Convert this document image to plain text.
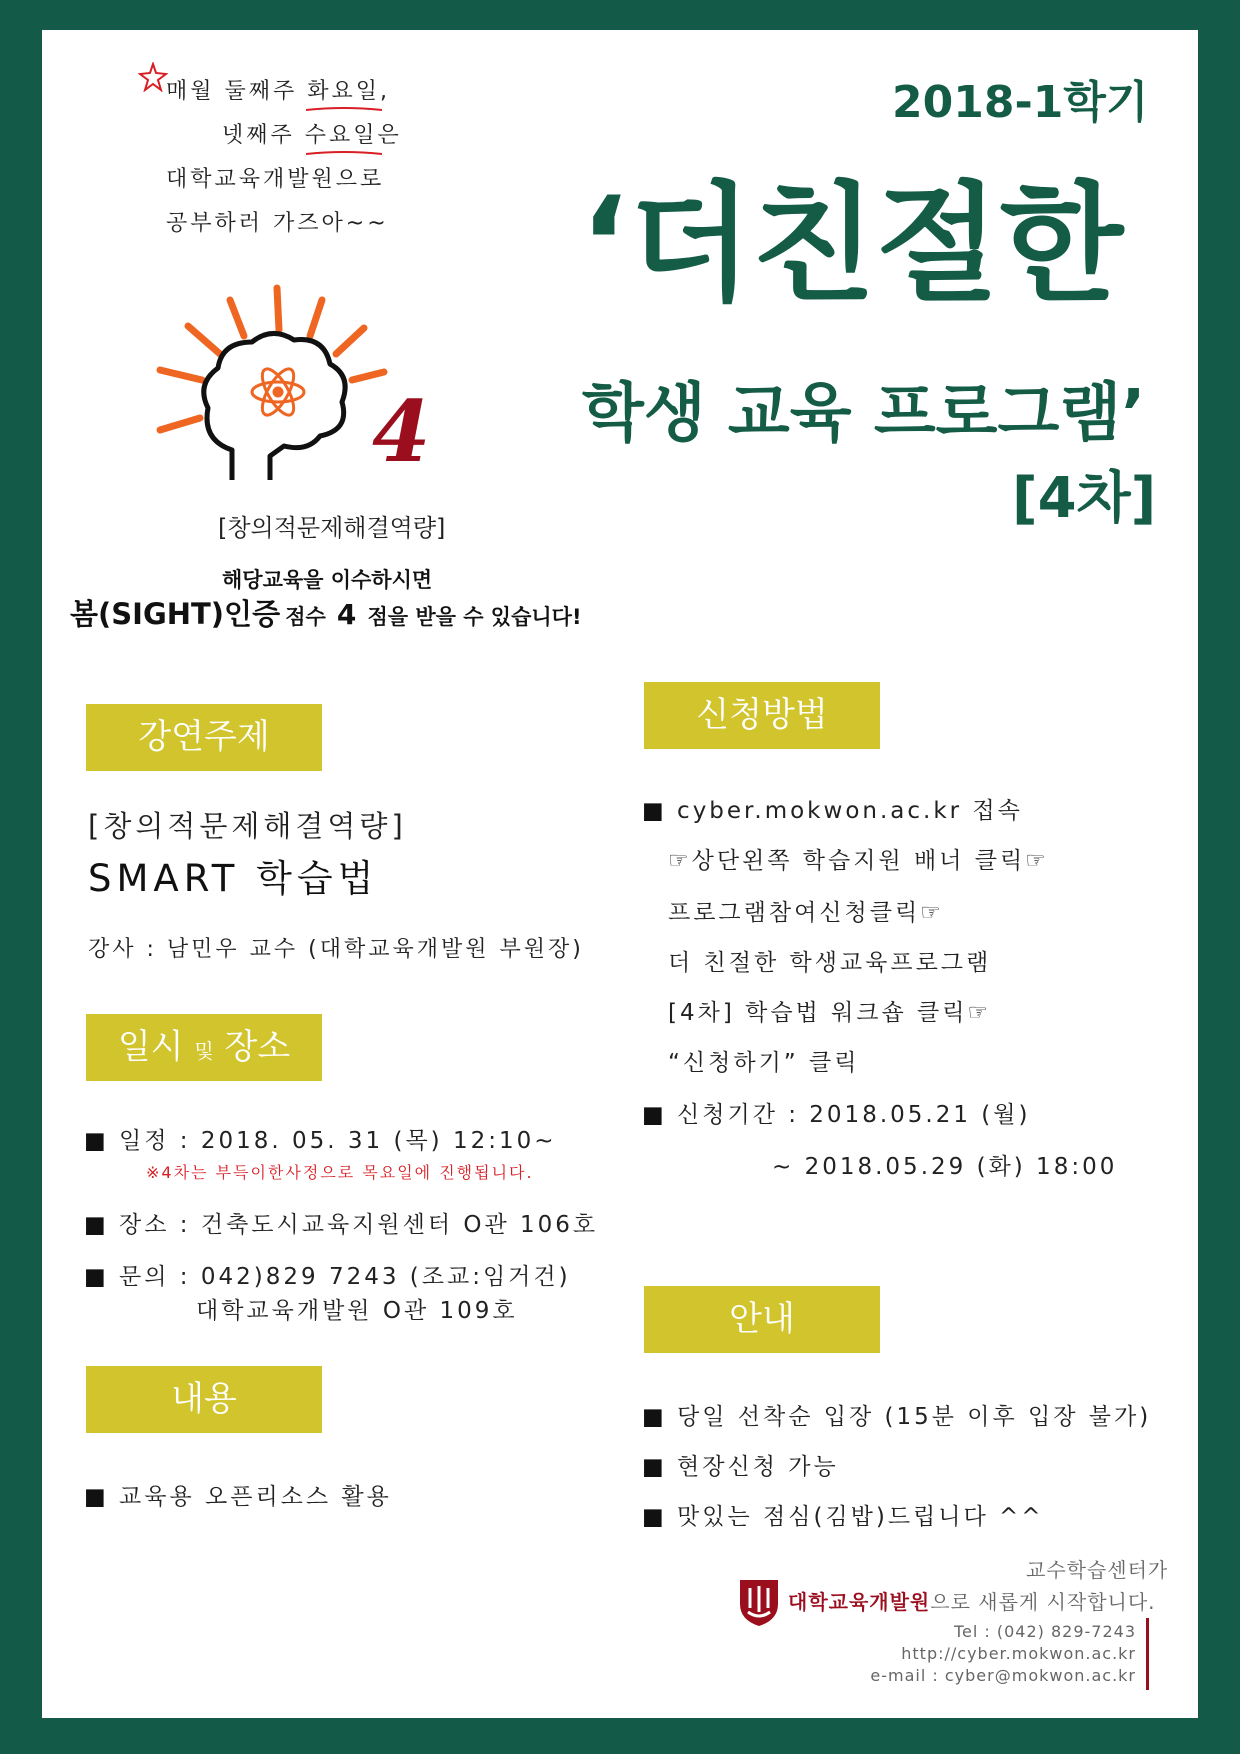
매월 둘째주 화요일,
넷째주 수요일은
대학교육개발원으로
공부하러 가즈아~~
4
[창의적문제해결역량]
해당교육을 이수하시면
봄(SIGHT)인증 점수 4 점을 받을 수 있습니다!
2018-1학기
‘더친절한
학생 교육 프로그램’
[4차]
강연주제
[창의적문제해결역량]
SMART 학습법
강사 : 남민우 교수 (대학교육개발원 부원장)
일시 및 장소
■ 일정 : 2018. 05. 31 (목) 12:10~
※4차는 부득이한사정으로 목요일에 진행됩니다.
■ 장소 : 건축도시교육지원센터 O관 106호
■ 문의 : 042)829 7243 (조교:임거건)
대학교육개발원 O관 109호
내용
■ 교육용 오픈리소스 활용
신청방법
■ cyber.mokwon.ac.kr 접속
☞상단왼쪽 학습지원 배너 클릭☞
프로그램참여신청클릭☞
더 친절한 학생교육프로그램
[4차] 학습법 워크숍 클릭☞
“신청하기” 클릭
■ 신청기간 : 2018.05.21 (월)
~ 2018.05.29 (화) 18:00
안내
■ 당일 선착순 입장 (15분 이후 입장 불가)
■ 현장신청 가능
■ 맛있는 점심(김밥)드립니다 ^^
교수학습센터가
대학교육개발원으로 새롭게 시작합니다.
Tel : (042) 829-7243
http://cyber.mokwon.ac.kr
e-mail : cyber@mokwon.ac.kr
